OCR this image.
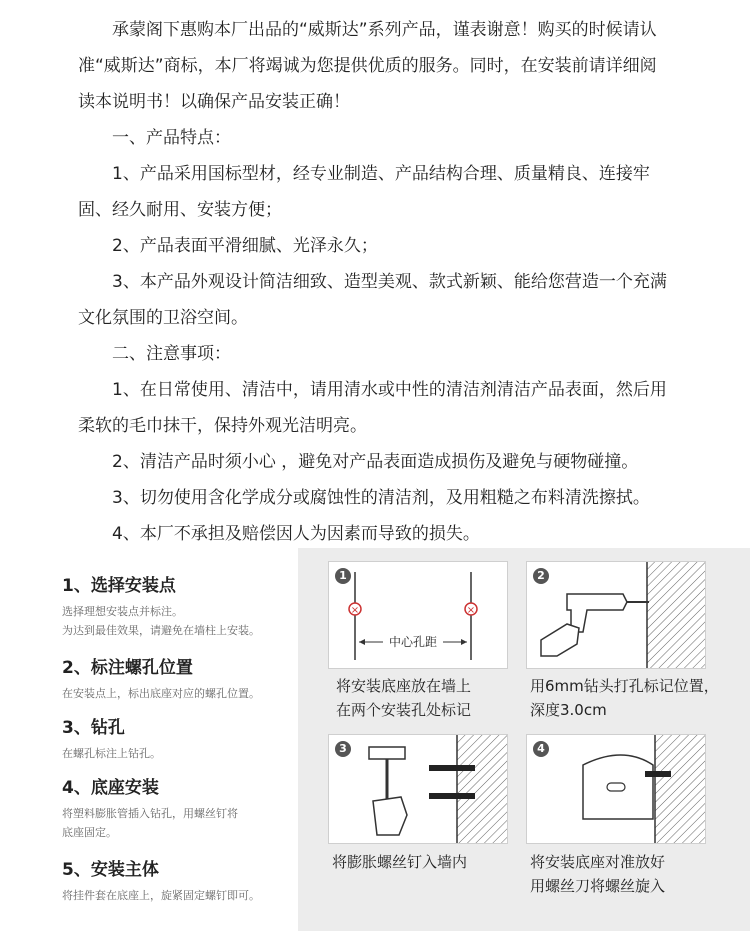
承蒙阁下惠购本厂出品的“威斯达”系列产品，谨表谢意！购买的时候请认准“威斯达”商标，本厂将竭诚为您提供优质的服务。同时，在安装前请详细阅读本说明书！以确保产品安装正确！

一、产品特点：

1、产品采用国标型材，经专业制造、产品结构合理、质量精良、连接牢固、经久耐用、安装方便；

2、产品表面平滑细腻、光泽永久；

3、本产品外观设计简洁细致、造型美观、款式新颖、能给您营造一个充满文化氛围的卫浴空间。

二、注意事项：

1、在日常使用、清洁中，请用清水或中性的清洁剂清洁产品表面，然后用柔软的毛巾抹干，保持外观光洁明亮。

2、清洁产品时须小心 ，避免对产品表面造成损伤及避免与硬物碰撞。

3、切勿使用含化学成分或腐蚀性的清洁剂，及用粗糙之布料清洗擦拭。

4、本厂不承担及赔偿因人为因素而导致的损失。

1、选择安装点
选择理想安装点并标注。
为达到最佳效果，请避免在墙柱上安装。
2、标注螺孔位置
在安装点上，标出底座对应的螺孔位置。
3、钻孔
在螺孔标注上钻孔。
4、底座安装
将塑料膨胀管插入钻孔，用螺丝钉将
底座固定。
5、安装主体
将挂件套在底座上，旋紧固定螺钉即可。
1
×	×
中心孔距
将安装底座放在墙上
在两个安装孔处标记
2
用6mm钻头打孔标记位置，
深度3.0cm
3
将膨胀螺丝钉入墙内
4
将安装底座对准放好
用螺丝刀将螺丝旋入
